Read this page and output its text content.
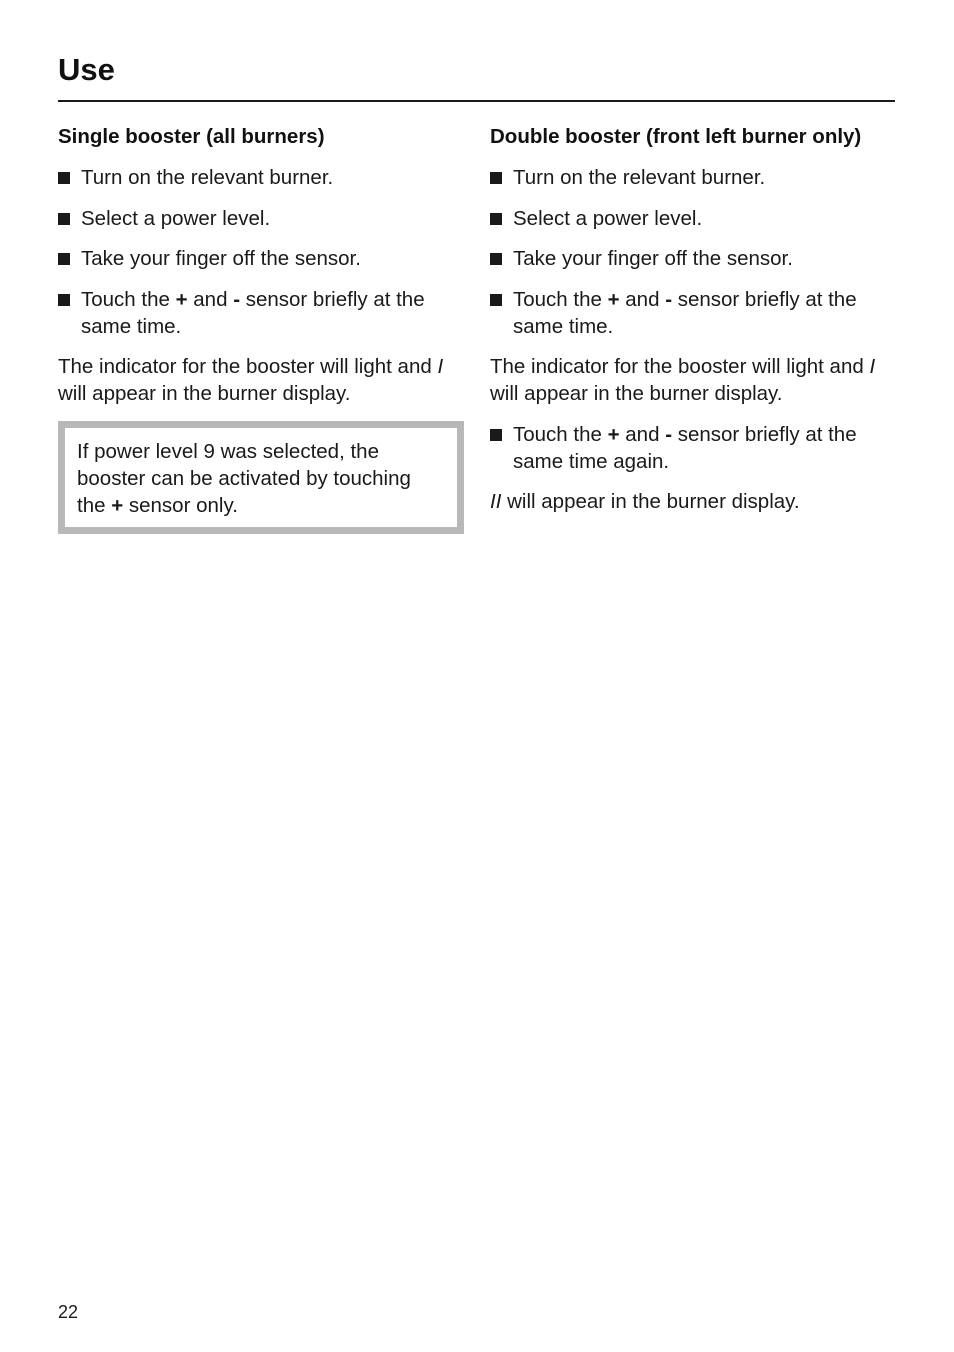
Use
Single booster (all burners)
Turn on the relevant burner.
Select a power level.
Take your finger off the sensor.
Touch the + and - sensor briefly at the same time.

The indicator for the booster will light and I will appear in the burner display.

If power level 9 was selected, the booster can be activated by touching the + sensor only.
Double booster (front left burner only)
Turn on the relevant burner.
Select a power level.
Take your finger off the sensor.
Touch the + and - sensor briefly at the same time.

The indicator for the booster will light and I will appear in the burner display.

Touch the + and - sensor briefly at the same time again.

II will appear in the burner display.

22
